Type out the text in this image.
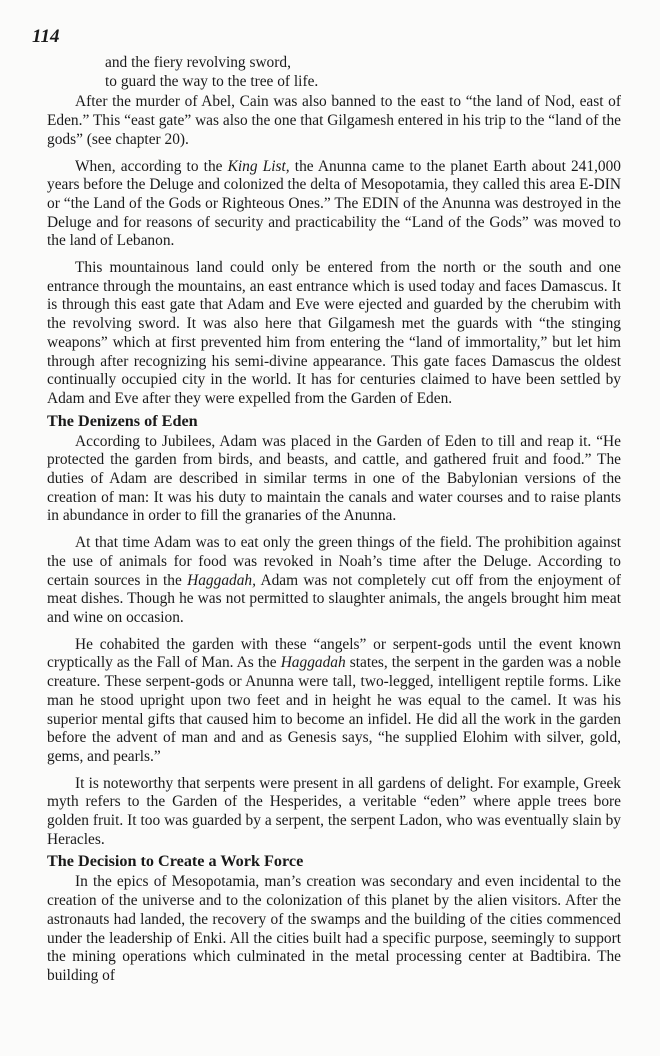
114
and the fiery revolving sword,
to guard the way to the tree of life.

After the murder of Abel, Cain was also banned to the east to “the land of Nod, east of Eden.” This “east gate” was also the one that Gilgamesh entered in his trip to the “land of the gods” (see chapter 20).

When, according to the King List, the Anunna came to the planet Earth about 241,000 years before the Deluge and colonized the delta of Mesopotamia, they called this area E-DIN or “the Land of the Gods or Righteous Ones.” The EDIN of the Anunna was destroyed in the Deluge and for reasons of security and practicability the “Land of the Gods” was moved to the land of Lebanon.

This mountainous land could only be entered from the north or the south and one entrance through the mountains, an east entrance which is used today and faces Damascus. It is through this east gate that Adam and Eve were ejected and guarded by the cherubim with the revolving sword. It was also here that Gilgamesh met the guards with “the stinging weapons” which at first prevented him from entering the “land of immortality,” but let him through after recognizing his semi-divine appearance. This gate faces Damascus the oldest continually occupied city in the world. It has for centuries claimed to have been settled by Adam and Eve after they were expelled from the Garden of Eden.

The Denizens of Eden

According to Jubilees, Adam was placed in the Garden of Eden to till and reap it. “He protected the garden from birds, and beasts, and cattle, and gathered fruit and food.” The duties of Adam are described in similar terms in one of the Babylonian versions of the creation of man: It was his duty to maintain the canals and water courses and to raise plants in abundance in order to fill the granaries of the Anunna.

At that time Adam was to eat only the green things of the field. The prohibition against the use of animals for food was revoked in Noah’s time after the Deluge. According to certain sources in the Haggadah, Adam was not completely cut off from the enjoyment of meat dishes. Though he was not permitted to slaughter animals, the angels brought him meat and wine on occasion.

He cohabited the garden with these “angels” or serpent-gods until the event known cryptically as the Fall of Man. As the Haggadah states, the serpent in the garden was a noble creature. These serpent-gods or Anunna were tall, two-legged, intelligent reptile forms. Like man he stood upright upon two feet and in height he was equal to the camel. It was his superior mental gifts that caused him to become an infidel. He did all the work in the garden before the advent of man and and as Genesis says, “he supplied Elohim with silver, gold, gems, and pearls.”

It is noteworthy that serpents were present in all gardens of delight. For example, Greek myth refers to the Garden of the Hesperides, a veritable “eden” where apple trees bore golden fruit. It too was guarded by a serpent, the serpent Ladon, who was eventually slain by Heracles.

The Decision to Create a Work Force

In the epics of Mesopotamia, man’s creation was secondary and even incidental to the creation of the universe and to the colonization of this planet by the alien visitors. After the astronauts had landed, the recovery of the swamps and the building of the cities commenced under the leadership of Enki. All the cities built had a specific purpose, seemingly to support the mining operations which culminated in the metal processing center at Badtibira. The building of
